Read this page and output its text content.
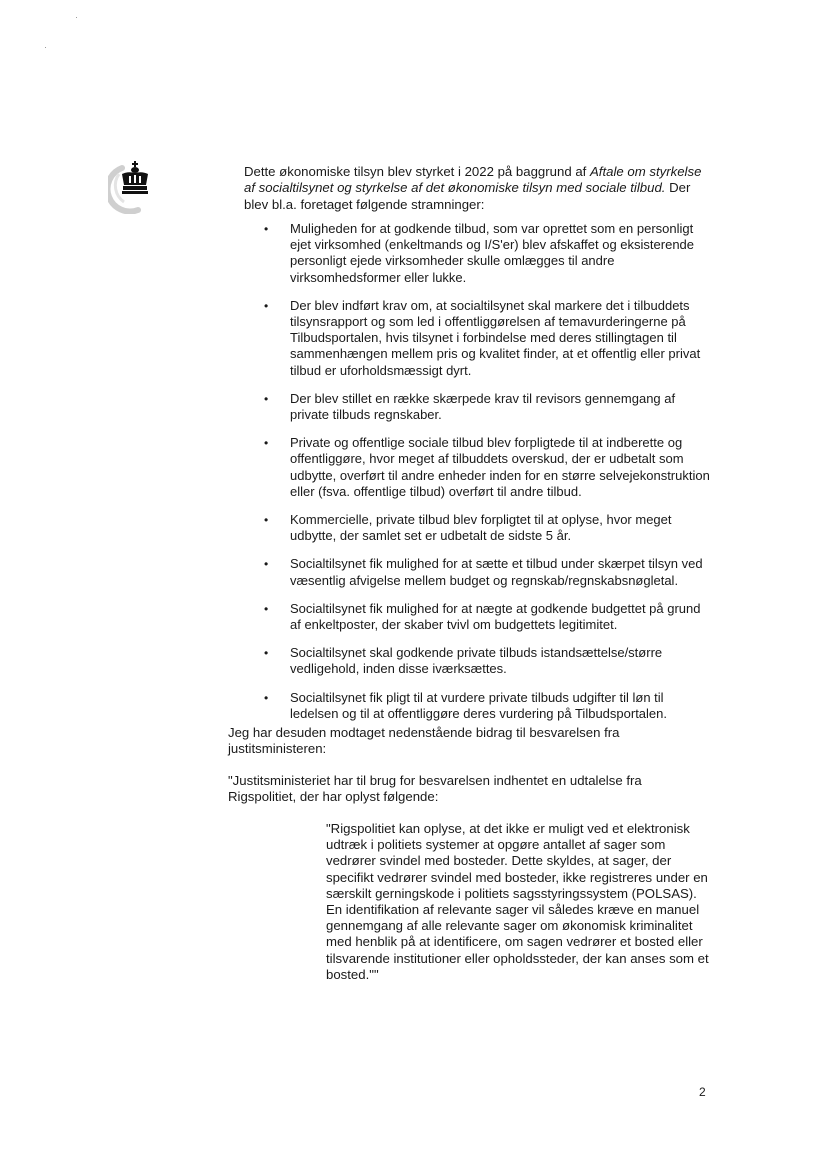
Dette økonomiske tilsyn blev styrket i 2022 på baggrund af Aftale om styrkelse af socialtilsynet og styrkelse af det økonomiske tilsyn med sociale tilbud. Der blev bl.a. foretaget følgende stramninger:

• Muligheden for at godkende tilbud, som var oprettet som en personligt ejet virksomhed (enkeltmands og I/S'er) blev afskaffet og eksisterende personligt ejede virksomheder skulle omlægges til andre virksomhedsformer eller lukke.
• Der blev indført krav om, at socialtilsynet skal markere det i tilbuddets tilsynsrapport og som led i offentliggørelsen af temavurderingerne på Tilbudsportalen, hvis tilsynet i forbindelse med deres stillingtagen til sammenhængen mellem pris og kvalitet finder, at et offentlig eller privat tilbud er uforholdsmæssigt dyrt.
• Der blev stillet en række skærpede krav til revisors gennemgang af private tilbuds regnskaber.
• Private og offentlige sociale tilbud blev forpligtede til at indberette og offentliggøre, hvor meget af tilbuddets overskud, der er udbetalt som udbytte, overført til andre enheder inden for en større selvejekonstruktion eller (fsva. offentlige tilbud) overført til andre tilbud.
• Kommercielle, private tilbud blev forpligtet til at oplyse, hvor meget udbytte, der samlet set er udbetalt de sidste 5 år.
• Socialtilsynet fik mulighed for at sætte et tilbud under skærpet tilsyn ved væsentlig afvigelse mellem budget og regnskab/regnskabsnøgletal.
• Socialtilsynet fik mulighed for at nægte at godkende budgettet på grund af enkeltposter, der skaber tvivl om budgettets legitimitet.
• Socialtilsynet skal godkende private tilbuds istandsættelse/større vedligehold, inden disse iværksættes.
• Socialtilsynet fik pligt til at vurdere private tilbuds udgifter til løn til ledelsen og til at offentliggøre deres vurdering på Tilbudsportalen.

Jeg har desuden modtaget nedenstående bidrag til besvarelsen fra justitsministeren:

"Justitsministeriet har til brug for besvarelsen indhentet en udtalelse fra Rigspolitiet, der har oplyst følgende:

"Rigspolitiet kan oplyse, at det ikke er muligt ved et elektronisk udtræk i politiets systemer at opgøre antallet af sager som vedrører svindel med bosteder. Dette skyldes, at sager, der specifikt vedrører svindel med bosteder, ikke registreres under en særskilt gerningskode i politiets sagsstyringssystem (POLSAS). En identifikation af relevante sager vil således kræve en manuel gennemgang af alle relevante sager om økonomisk kriminalitet med henblik på at identificere, om sagen vedrører et bosted eller tilsvarende institutioner eller opholdssteder, der kan anses som et bosted.""

2
